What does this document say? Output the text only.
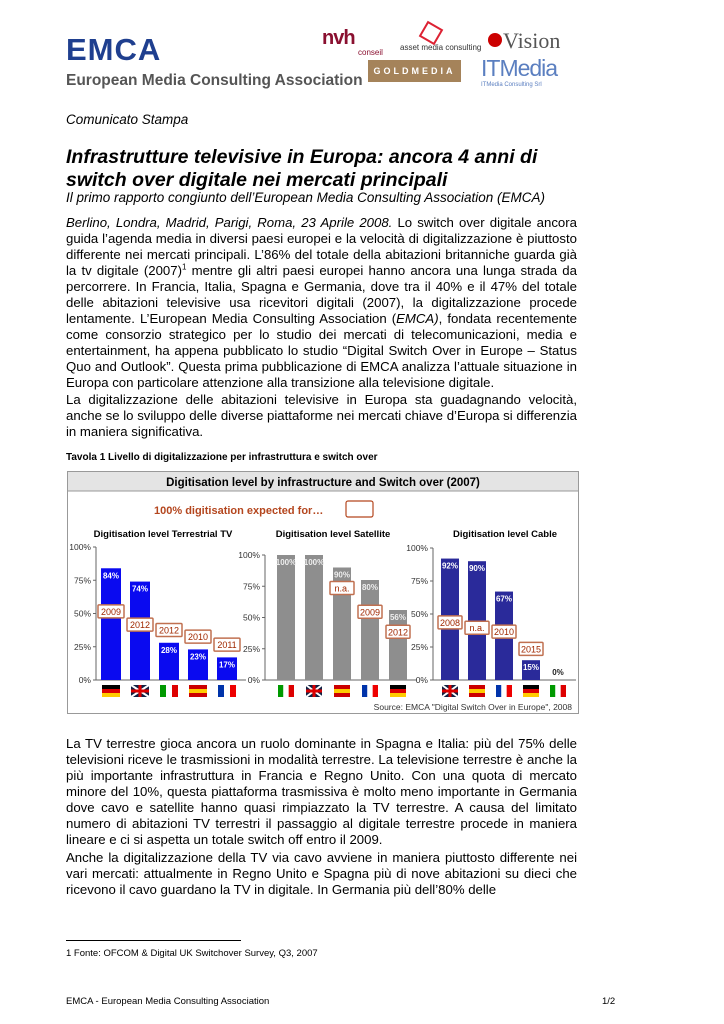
EMCA
European Media Consulting Association
nvh
conseil
asset media consulting Vision
GOLDMEDIA ITMedia
ITMedia Consulting Srl
Comunicato Stampa
Infrastrutture televisive in Europa: ancora 4 anni di switch over digitale nei mercati principali
Il primo rapporto congiunto dell’European Media Consulting Association (EMCA)
Berlino, Londra, Madrid, Parigi, Roma, 23 Aprile 2008. Lo switch over digitale ancora guida l’agenda media in diversi paesi europei e la velocità di digitalizzazione è piuttosto differente nei mercati principali. L’86% del totale della abitazioni britanniche guarda già la tv digitale $(2007)^1$ mentre gli altri paesi europei hanno ancora una lunga strada da percorrere. In Francia, Italia, Spagna e Germania, dove tra il 40% e il 47% del totale delle abitazioni televisive usa ricevitori digitali (2007), la digitalizzazione procede lentamente. L’European Media Consulting Association (EMCA), fondata recentemente come consorzio strategico per lo studio dei mercati di telecomunicazioni, media e entertainment, ha appena pubblicato lo studio “Digital Switch Over in Europe – Status Quo and Outlook”. Questa prima pubblicazione di EMCA analizza l’attuale situazione in Europa con particolare attenzione alla transizione alla televisione digitale.
La digitalizzazione delle abitazioni televisive in Europa sta guadagnando velocità, anche se lo sviluppo delle diverse piattaforme nei mercati chiave d’Europa si differenzia in maniera significativa.
Tavola 1 Livello di digitalizzazione per infrastruttura e switch over
Digitisation level by infrastructure and Switch over (2007)
100% digitisation expected for…
Digitisation level Terrestrial TV
0%
25%
50%
75%
100%
84%
2009
74%
2012
28%
2012
23%
2010
17%
2011
Digitisation level Satellite
0%
25%
50%
75%
100%
100% 100%
90%
n.a. 80%
2009
56%
2012
Digitisation level Cable
0%
25%
50%
75%
100%
92%
2008
90%
n.a.
67%
2010
15%
2015
0%
Source: EMCA "Digital Switch Over in Europe", 2008
La TV terrestre gioca ancora un ruolo dominante in Spagna e Italia: più del 75% delle televisioni riceve le trasmissioni in modalità terrestre. La televisione terrestre è anche la più importante infrastruttura in Francia e Regno Unito. Con una quota di mercato minore del 10%, questa piattaforma trasmissiva è molto meno importante in Germania dove cavo e satellite hanno quasi rimpiazzato la TV terrestre. A causa del limitato numero di abitazioni TV terrestri il passaggio al digitale terrestre procede in maniera lineare e ci si aspetta un totale switch off entro il 2009.
Anche la digitalizzazione della TV via cavo avviene in maniera piuttosto differente nei vari mercati: attualmente in Regno Unito e Spagna più di nove abitazioni su dieci che ricevono il cavo guardano la TV in digitale. In Germania più dell’80% delle
1 Fonte: OFCOM & Digital UK Switchover Survey, Q3, 2007
EMCA - European Media Consulting Association	1/2
